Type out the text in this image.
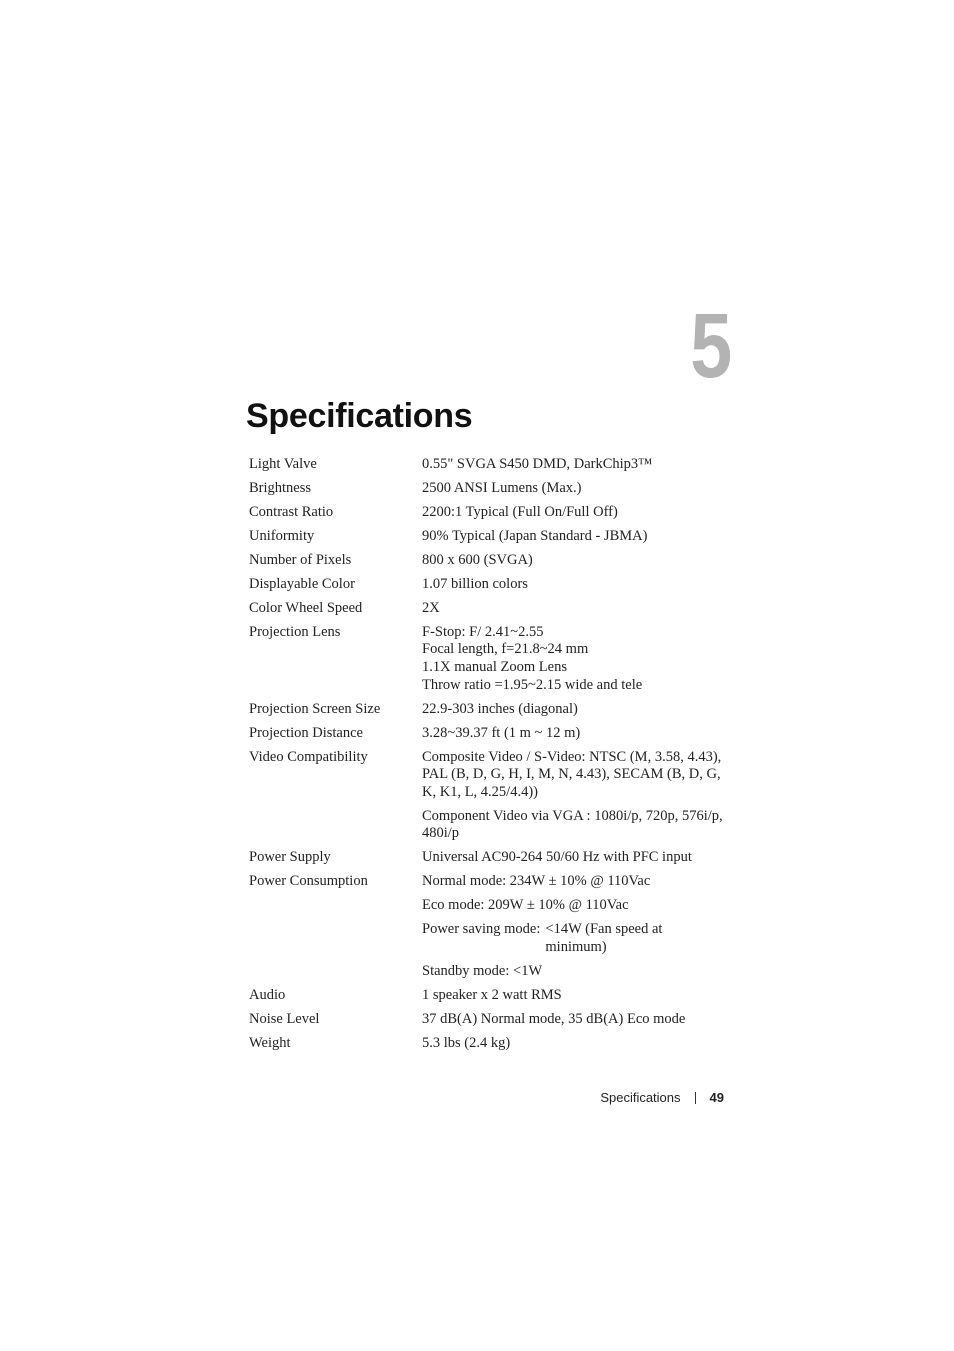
5
Specifications
Light Valve	0.55" SVGA S450 DMD, DarkChip3™
Brightness	2500 ANSI Lumens (Max.)
Contrast Ratio	2200:1 Typical (Full On/Full Off)
Uniformity	90% Typical (Japan Standard - JBMA)
Number of Pixels	800 x 600 (SVGA)
Displayable Color	1.07 billion colors
Color Wheel Speed	2X
Projection Lens	F-Stop: F/ 2.41~2.55
Focal length, f=21.8~24 mm
1.1X manual Zoom Lens
Throw ratio =1.95~2.15 wide and tele
Projection Screen Size	22.9-303 inches (diagonal)
Projection Distance	3.28~39.37 ft (1 m ~ 12 m)
Video Compatibility	Composite Video / S-Video: NTSC (M, 3.58, 4.43),
PAL (B, D, G, H, I, M, N, 4.43), SECAM (B, D, G,
K, K1, L, 4.25/4.4))
Component Video via VGA : 1080i/p, 720p, 576i/p,
480i/p
Power Supply	Universal AC90-264 50/60 Hz with PFC input
Power Consumption	Normal mode: 234W ± 10% @ 110Vac
Eco mode: 209W ± 10% @ 110Vac
Power saving mode: <14W (Fan speed at
minimum)
Standby mode: <1W
Audio	1 speaker x 2 watt RMS
Noise Level	37 dB(A) Normal mode, 35 dB(A) Eco mode
Weight	5.3 lbs (2.4 kg)
Specifications 49
